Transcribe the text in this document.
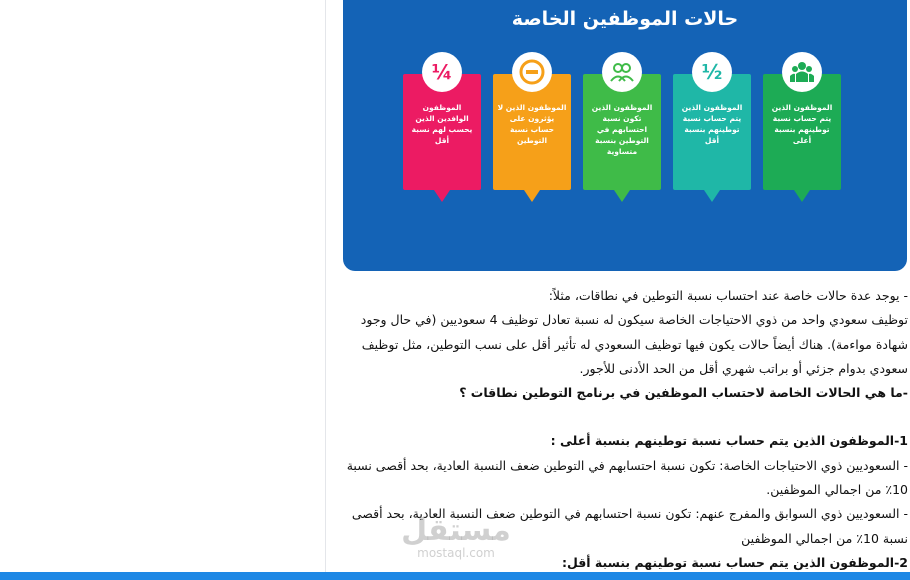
حالات الموظفين الخاصة
¼
الموظفون الوافدين الذين يحسب لهم نسبة أقل
الموظفون الذين لا يؤثرون على حساب نسبة التوطين
الموظفون الذين تكون نسبة احتسابهم في التوطين بنسبة متساوية
½
الموظفون الذين يتم حساب نسبة توطينهم بنسبة أقل
الموظفون الذين يتم حساب نسبة توطينهم بنسبة أعلى

- يوجد عدة حالات خاصة عند احتساب نسبة التوطين في نطاقات، مثلاً:

توظيف سعودي واحد من ذوي الاحتياجات الخاصة سيكون له نسبة تعادل توظيف 4 سعوديين (في حال وجود شهادة مواءمة). هناك أيضاً حالات يكون فيها توظيف السعودي له تأثير أقل على نسب التوطين، مثل توظيف سعودي بدوام جزئي أو براتب شهري أقل من الحد الأدنى للأجور.

-ما هي الحالات الخاصة لاحتساب الموظفين في برنامج التوطين نطاقات ؟

1-الموظفون الذين يتم حساب نسبة توطينهم بنسبة أعلى :

- السعوديين ذوي الاحتياجات الخاصة: تكون نسبة احتسابهم في التوطين ضعف النسبة العادية، بحد أقصى نسبة 10٪ من اجمالي الموظفين.

- السعوديين ذوي السوابق والمفرج عنهم: تكون نسبة احتسابهم في التوطين ضعف النسبة العادية، بحد أقصى نسبة 10٪ من اجمالي الموظفين

2-الموظفون الذين يتم حساب نسبة توطينهم بنسبة أقل:

مستقل
mostaql.com
